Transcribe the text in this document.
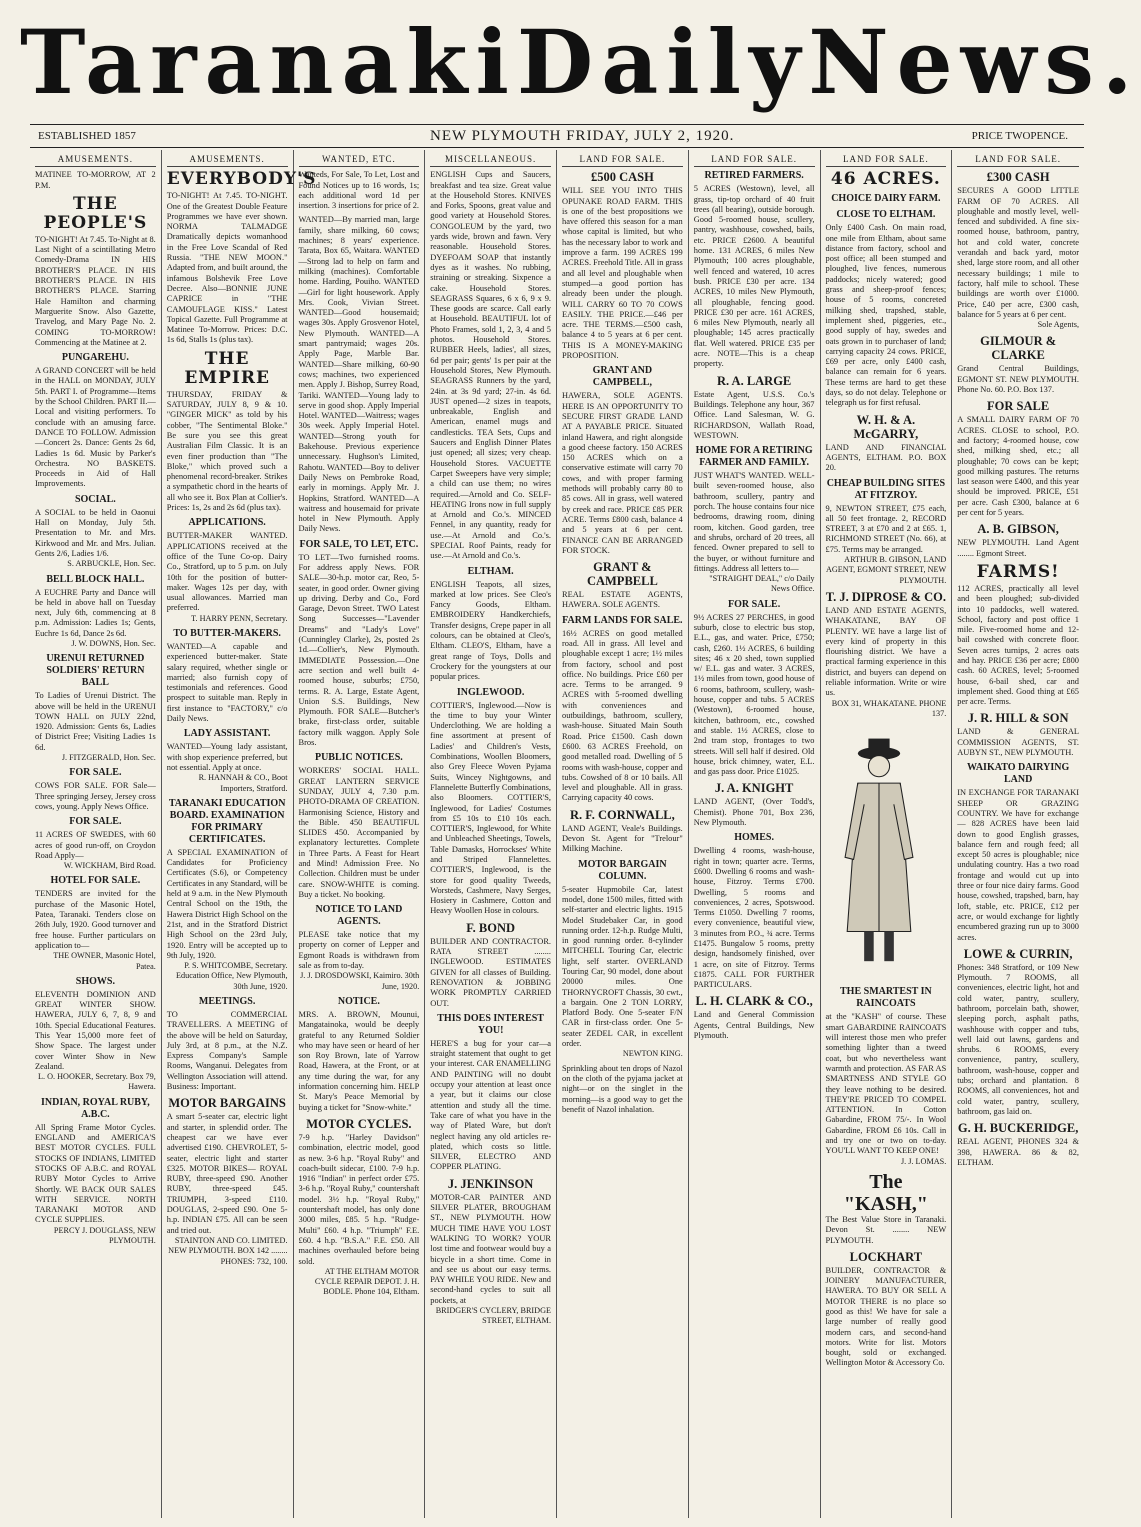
Taranaki Daily News.
ESTABLISHED 1857	NEW PLYMOUTH FRIDAY, JULY 2, 1920.	PRICE TWOPENCE.
AMUSEMENTS.
MATINEE TO-MORROW, AT 2 P.M.
THE PEOPLE'S
TO-NIGHT! At 7.45. To-Night at 8. Last Night of a scintillating Metro Comedy-Drama IN HIS BROTHER'S PLACE. IN HIS BROTHER'S PLACE. IN HIS BROTHER'S PLACE. Starring Hale Hamilton and charming Marguerite Snow. Also Gazette, Travelog, and Mary Page No. 2. COMING TO-MORROW! Commencing at the Matinee at 2.
PUNGAREHU.
A GRAND CONCERT will be held in the HALL on MONDAY, JULY 5th. PART I. of Programme—Items by the School Children. PART II.—Local and visiting performers. To conclude with an amusing farce. DANCE TO FOLLOW. Admission—Concert 2s. Dance: Gents 2s 6d, Ladies 1s 6d. Music by Parker's Orchestra. NO BASKETS. Proceeds in Aid of Hall Improvements.
SOCIAL.
A SOCIAL to be held in Oaonui Hall on Monday, July 5th. Presentation to Mr. and Mrs. Kirkwood and Mr. and Mrs. Julian. Gents 2/6, Ladies 1/6.
S. ARBUCKLE, Hon. Sec.
BELL BLOCK HALL.
A EUCHRE Party and Dance will be held in above hall on Tuesday next, July 6th, commencing at 8 p.m. Admission: Ladies 1s; Gents, Euchre 1s 6d, Dance 2s 6d.
J. W. DOWNS, Hon. Sec.
URENUI RETURNED SOLDIERS' RETURN BALL
To Ladies of Urenui District. The above will be held in the URENUI TOWN HALL on JULY 22nd, 1920. Admission: Gents 6s, Ladies of District Free; Visiting Ladies 1s 6d.
J. FITZGERALD, Hon. Sec.
FOR SALE.
COWS FOR SALE. FOR Sale—Three springing Jersey, Jersey cross cows, young. Apply News Office.
FOR SALE.
11 ACRES OF SWEDES, with 60 acres of good run-off, on Croydon Road Apply—
W. WICKHAM, Bird Road.
HOTEL FOR SALE.
TENDERS are invited for the purchase of the Masonic Hotel, Patea, Taranaki. Tenders close on 26th July, 1920. Good turnover and free house. Further particulars on application to—
THE OWNER, Masonic Hotel, Patea.
SHOWS.
ELEVENTH DOMINION AND GREAT WINTER SHOW. HAWERA, JULY 6, 7, 8, 9 and 10th. Special Educational Features. This Year 15,000 more feet of Show Space. The largest under cover Winter Show in New Zealand.
L. O. HOOKER, Secretary. Box 79, Hawera.
INDIAN, ROYAL RUBY, A.B.C.
All Spring Frame Motor Cycles. ENGLAND and AMERICA'S BEST MOTOR CYCLES. FULL STOCKS OF INDIANS, LIMITED STOCKS OF A.B.C. and ROYAL RUBY Motor Cycles to Arrive Shortly. WE BACK OUR SALES WITH SERVICE. NORTH TARANAKI MOTOR AND CYCLE SUPPLIES.
PERCY J. DOUGLASS, NEW PLYMOUTH.
AMUSEMENTS.
EVERYBODY'S
TO-NIGHT! At 7.45. TO-NIGHT. One of the Greatest Double Feature Programmes we have ever shown. NORMA TALMADGE Dramatically depicts womanhood in the Free Love Scandal of Red Russia. "THE NEW MOON." Adapted from, and built around, the infamous Bolshevik Free Love Decree. Also—BONNIE JUNE CAPRICE in "THE CAMOUFLAGE KISS." Latest Topical Gazette. Full Programme at Matinee To-Morrow. Prices: D.C. 1s 6d, Stalls 1s (plus tax).
THE EMPIRE
THURSDAY, FRIDAY & SATURDAY, JULY 8, 9 & 10. "GINGER MICK" as told by his cobber, "The Sentimental Bloke." Be sure you see this great Australian Film Classic. It is an even finer production than "The Bloke," which proved such a phenomenal record-breaker. Strikes a sympathetic chord in the hearts of all who see it. Box Plan at Collier's. Prices: 1s, 2s and 2s 6d (plus tax).
APPLICATIONS.
BUTTER-MAKER WANTED. APPLICATIONS received at the office of the Tune Co-op. Dairy Co., Stratford, up to 5 p.m. on July 10th for the position of butter-maker. Wages 12s per day, with usual allowances. Married man preferred.
T. HARRY PENN, Secretary.
TO BUTTER-MAKERS.
WANTED—A capable and experienced butter-maker. State salary required, whether single or married; also furnish copy of testimonials and references. Good prospect to suitable man. Reply in first instance to "FACTORY," c/o Daily News.
LADY ASSISTANT.
WANTED—Young lady assistant, with shop experience preferred, but not essential. Apply at once.
R. HANNAH & CO., Boot Importers, Stratford.
TARANAKI EDUCATION BOARD. EXAMINATION FOR PRIMARY CERTIFICATES.
A SPECIAL EXAMINATION of Candidates for Proficiency Certificates (S.6), or Competency Certificates in any Standard, will be held at 9 a.m. in the New Plymouth Central School on the 19th, the Hawera District High School on the 21st, and in the Stratford District High School on the 23rd July, 1920. Entry will be accepted up to 9th July, 1920.
P. S. WHITCOMBE, Secretary. Education Office, New Plymouth, 30th June, 1920.
MEETINGS.
TO COMMERCIAL TRAVELLERS. A MEETING of the above will be held on Saturday, July 3rd, at 8 p.m., at the N.Z. Express Company's Sample Rooms, Wanganui. Delegates from Wellington Association will attend. Business: Important.
MOTOR BARGAINS
A smart 5-seater car, electric light and starter, in splendid order. The cheapest car we have ever advertised £190. CHEVROLET, 5-seater, electric light and starter £325. MOTOR BIKES— ROYAL RUBY, three-speed £90. Another RUBY, three-speed £45. TRIUMPH, 3-speed £110. DOUGLAS, 2-speed £90. One 5-h.p. INDIAN £75. All can be seen and tried out.
STAINTON AND CO. LIMITED. NEW PLYMOUTH. BOX 142 ........ PHONES: 732, 100.
WANTED, ETC.
Wanteds, For Sale, To Let, Lost and Found Notices up to 16 words, 1s; each additional word 1d per insertion. 3 insertions for price of 2.
WANTED—By married man, large family, share milking, 60 cows; machines; 8 years' experience. Tarata, Box 65, Waitara. WANTED—Strong lad to help on farm and milking (machines). Comfortable home. Harding, Pouiho. WANTED—Girl for light housework. Apply Mrs. Cook, Vivian Street. WANTED—Good housemaid; wages 30s. Apply Grosvenor Hotel, New Plymouth. WANTED—A smart pantrymaid; wages 20s. Apply Page, Marble Bar. WANTED—Share milking, 60-90 cows; machines, two experienced men. Apply J. Bishop, Surrey Road, Tariki. WANTED—Young lady to serve in good shop. Apply Imperial Hotel. WANTED—Waitress; wages 30s week. Apply Imperial Hotel. WANTED—Strong youth for Bakehouse. Previous experience unnecessary. Hughson's Limited, Rahotu. WANTED—Boy to deliver Daily News on Pembroke Road, early in mornings. Apply Mr. J. Hopkins, Stratford. WANTED—A waitress and housemaid for private hotel in New Plymouth. Apply Daily News.
FOR SALE, TO LET, ETC.
TO LET—Two furnished rooms. For address apply News. FOR SALE—30-h.p. motor car, Reo, 5-seater, in good order. Owner giving up driving. Derby and Co., Ford Garage, Devon Street. TWO Latest Song Successes—"Lavender Dreams" and "Lady's Love" (Cunningley Clarke), 2s, posted 2s 1d.—Collier's, New Plymouth. IMMEDIATE Possession.—One acre section and well built 4-roomed house, suburbs; £750, terms. R. A. Large, Estate Agent, Union S.S. Buildings, New Plymouth. FOR SALE—Butcher's brake, first-class order, suitable factory milk waggon. Apply Sole Bros.
PUBLIC NOTICES.
WORKERS' SOCIAL HALL. GREAT LANTERN SERVICE SUNDAY, JULY 4, 7.30 p.m. PHOTO-DRAMA OF CREATION. Harmonising Science, History and the Bible. 450 BEAUTIFUL SLIDES 450. Accompanied by explanatory lecturettes. Complete in Three Parts. A Feast for Heart and Mind! Admission Free. No Collection. Children must be under care. SNOW-WHITE is coming. Buy a ticket. No booking.
NOTICE TO LAND AGENTS.
PLEASE take notice that my property on corner of Lepper and Egmont Roads is withdrawn from sale as from to-day.
J. J. DROSDOWSKI, Kaimiro. 30th June, 1920.
NOTICE.
MRS. A. BROWN, Mounui, Mangatainoka, would be deeply grateful to any Returned Soldier who may have seen or heard of her son Roy Brown, late of Yarrow Road, Hawera, at the Front, or at any time during the war, for any information concerning him. HELP St. Mary's Peace Memorial by buying a ticket for "Snow-white."
MOTOR CYCLES.
7-9 h.p. "Harley Davidson" combination, electric model, good as new. 3-6 h.p. "Royal Ruby" and coach-built sidecar, £100. 7-9 h.p. 1916 "Indian" in perfect order £75. 3-6 h.p. "Royal Ruby," countershaft model. 3½ h.p. "Royal Ruby," countershaft model, has only done 3000 miles, £85. 5 h.p. "Rudge-Multi" £60. 4 h.p. "Triumph" F.E. £60. 4 h.p. "B.S.A." F.E. £50. All machines overhauled before being sold.
AT THE ELTHAM MOTOR CYCLE REPAIR DEPOT. J. H. BODLE. Phone 104, Eltham.
MISCELLANEOUS.
ENGLISH Cups and Saucers, breakfast and tea size. Great value at the Household Stores. KNIVES and Forks, Spoons, great value and good variety at Household Stores. CONGOLEUM by the yard, two yards wide, brown and fawn. Very reasonable. Household Stores. DYEFOAM SOAP that instantly dyes as it washes. No rubbing, straining or streaking. Sixpence a cake. Household Stores. SEAGRASS Squares, 6 x 6, 9 x 9. These goods are scarce. Call early at Household. BEAUTIFUL lot of Photo Frames, sold 1, 2, 3, 4 and 5 photos. Household Stores. RUBBER Heels, ladies', all sizes, 6d per pair; gents' 1s per pair at the Household Stores, New Plymouth. SEAGRASS Runners by the yard, 24in. at 3s 9d yard; 27-in. 4s 6d. JUST opened—2 sizes in teapots, unbreakable, English and American, enamel mugs and candlesticks. TEA Sets, Cups and Saucers and English Dinner Plates just opened; all sizes; very cheap. Household Stores. VACUETTE Carpet Sweepers have very simple; a child can use them; no wires required.—Arnold and Co. SELF-HEATING Irons now in full supply at Arnold and Co.'s. MINCED Fennel, in any quantity, ready for use.—At Arnold and Co.'s. SPECIAL Roof Paints, ready for use.—At Arnold and Co.'s.
ELTHAM.
ENGLISH Teapots, all sizes, marked at low prices. See Cleo's Fancy Goods, Eltham. EMBROIDERY Handkerchiefs, Transfer designs, Crepe paper in all colours, can be obtained at Cleo's, Eltham. CLEO'S, Eltham, have a great range of Toys, Dolls and Crockery for the youngsters at our popular prices.
INGLEWOOD.
COTTIER'S, Inglewood.—Now is the time to buy your Winter Underclothing. We are holding a fine assortment at present of Ladies' and Children's Vests, Combinations, Woollen Bloomers, also Grey Fleece Woven Pyjama Suits, Wincey Nightgowns, and Flannelette Butterfly Combinations, also Bloomers. COTTIER'S, Inglewood, for Ladies' Costumes from £5 10s to £10 10s each. COTTIER'S, Inglewood, for White and Unbleached Sheetings, Towels, Table Damasks, Horrockses' White and Striped Flannelettes. COTTIER'S, Inglewood, is the store for good quality Tweeds, Worsteds, Cashmere, Navy Serges, Hosiery in Cashmere, Cotton and Heavy Woollen Hose in colours.
F. BOND
BUILDER AND CONTRACTOR. RATA STREET ........ INGLEWOOD. ESTIMATES GIVEN for all classes of Building. RENOVATION & JOBBING WORK PROMPTLY CARRIED OUT.
THIS DOES INTEREST YOU!
HERE'S a bug for your car—a straight statement that ought to get your interest. CAR ENAMELLING AND PAINTING will no doubt occupy your attention at least once a year, but it claims our close attention and study all the time. Take care of what you have in the way of Plated Ware, but don't neglect having any old articles re-plated, which costs so little. SILVER, ELECTRO AND COPPER PLATING.
J. JENKINSON
MOTOR-CAR PAINTER AND SILVER PLATER, BROUGHAM ST., NEW PLYMOUTH. HOW MUCH TIME HAVE YOU LOST WALKING TO WORK? YOUR lost time and footwear would buy a bicycle in a short time. Come in and see us about our easy terms. PAY WHILE YOU RIDE. New and second-hand cycles to suit all pockets, at
BRIDGER'S CYCLERY, BRIDGE STREET, ELTHAM.
LAND FOR SALE.
£500 CASH
WILL SEE YOU INTO THIS OPUNAKE ROAD FARM. THIS is one of the best propositions we have offered this season for a man whose capital is limited, but who has the necessary labor to work and improve a farm. 199 ACRES 199 ACRES. Freehold Title. All in grass and all level and ploughable when stumped—a good portion has already been under the plough. WILL CARRY 60 TO 70 COWS EASILY. THE PRICE.—£46 per acre. THE TERMS.—£500 cash, balance 4 to 5 years at 6 per cent. THIS IS A MONEY-MAKING PROPOSITION.
GRANT AND CAMPBELL,
HAWERA, SOLE AGENTS. HERE IS AN OPPORTUNITY TO SECURE FIRST GRADE LAND AT A PAYABLE PRICE. Situated inland Hawera, and right alongside a good cheese factory. 150 ACRES 150 ACRES which on a conservative estimate will carry 70 cows, and with proper farming methods will probably carry 80 to 85 cows. All in grass, well watered by creek and race. PRICE £85 PER ACRE. Terms £800 cash, balance 4 and 5 years at 6 per cent. FINANCE CAN BE ARRANGED FOR STOCK.
GRANT & CAMPBELL
REAL ESTATE AGENTS, HAWERA. SOLE AGENTS.
FARM LANDS FOR SALE.
16½ ACRES on good metalled road. All in grass. All level and ploughable except 1 acre; 1½ miles from factory, school and post office. No buildings. Price £60 per acre. Terms to be arranged. 9 ACRES with 5-roomed dwelling with conveniences and outbuildings, bathroom, scullery, wash-house. Situated Main South Road. Price £1500. Cash down £600. 63 ACRES Freehold, on good metalled road. Dwelling of 5 rooms with wash-house, copper and tubs. Cowshed of 8 or 10 bails. All level and ploughable. All in grass. Carrying capacity 40 cows.
R. F. CORNWALL,
LAND AGENT, Veale's Buildings. Devon St. Agent for "Trelour" Milking Machine.
MOTOR BARGAIN COLUMN.
5-seater Hupmobile Car, latest model, done 1500 miles, fitted with self-starter and electric lights. 1915 Model Studebaker Car, in good running order. 12-h.p. Rudge Multi, in good running order. 8-cylinder MITCHELL Touring Car, electric light, self starter. OVERLAND Touring Car, 90 model, done about 20000 miles. One THORNYCROFT Chassis, 30 cwt., a bargain. One 2 TON LORRY, Platford Body. One 5-seater F/N CAR in first-class order. One 5-seater ZEDEL CAR, in excellent order.
NEWTON KING.
Sprinkling about ten drops of Nazol on the cloth of the pyjama jacket at night—or on the singlet in the morning—is a good way to get the benefit of Nazol inhalation.
LAND FOR SALE.
RETIRED FARMERS.
5 ACRES (Westown), level, all grass, tip-top orchard of 40 fruit trees (all bearing), outside borough. Good 5-roomed house, scullery, pantry, washhouse, cowshed, bails, etc. PRICE £2600. A beautiful home. 131 ACRES, 6 miles New Plymouth; 100 acres ploughable, well fenced and watered, 10 acres bush. PRICE £30 per acre. 134 ACRES, 10 miles New Plymouth, all ploughable, fencing good. PRICE £30 per acre. 161 ACRES, 6 miles New Plymouth, nearly all ploughable; 145 acres practically flat. Well watered. PRICE £35 per acre. NOTE—This is a cheap property.
R. A. LARGE
Estate Agent, U.S.S. Co.'s Buildings. Telephone any hour, 367 Office. Land Salesman, W. G. RICHARDSON, Wallath Road, WESTOWN.
HOME FOR A RETIRING FARMER AND FAMILY.
JUST WHAT'S WANTED. WELL-built seven-roomed house, also bathroom, scullery, pantry and porch. The house contains four nice bedrooms, drawing room, dining room, kitchen. Good garden, tree and shrubs, orchard of 20 trees, all fenced. Owner prepared to sell to the buyer, or without furniture and fittings. Address all letters to—
"STRAIGHT DEAL," c/o Daily News Office.
FOR SALE.
9½ ACRES 27 PERCHES, in good suburb, close to electric bus stop, E.L., gas, and water. Price, £750; cash, £260. 1½ ACRES, 6 building sites; 46 x 20 shed, town supplied w/ E.L. gas and water. 3 ACRES, 1½ miles from town, good house of 6 rooms, bathroom, scullery, wash-house, copper and tubs. 5 ACRES (Westown), 6-roomed house, kitchen, bathroom, etc., cowshed and stable. 1½ ACRES, close to 2nd tram stop, frontages to two streets. Will sell half if desired. Old house, brick chimney, water, E.L. and gas pass door. Price £1025.
J. A. KNIGHT
LAND AGENT, (Over Todd's, Chemist). Phone 701, Box 236, New Plymouth.
HOMES.
Dwelling 4 rooms, wash-house, right in town; quarter acre. Terms, £600. Dwelling 6 rooms and wash-house, Fitzroy. Terms £700. Dwelling, 5 rooms and conveniences, 2 acres, Spotswood. Terms £1050. Dwelling 7 rooms, every convenience, beautiful view, 3 minutes from P.O., ¾ acre. Terms £1475. Bungalow 5 rooms, pretty design, handsomely finished, over 1 acre, on site of Fitzroy. Terms £1875. CALL FOR FURTHER PARTICULARS.
L. H. CLARK & CO.,
Land and General Commission Agents, Central Buildings, New Plymouth.
LAND FOR SALE.
46 ACRES.
CHOICE DAIRY FARM.
CLOSE TO ELTHAM.
Only £400 Cash. On main road, one mile from Eltham, about same distance from factory, school and post office; all been stumped and ploughed, live fences, numerous paddocks; nicely watered; good grass and sheep-proof fences; house of 5 rooms, concreted milking shed, trapshed, stable, implement shed, piggeries, etc., good supply of hay, swedes and oats grown in to purchaser of land; carrying capacity 24 cows. PRICE, £69 per acre, only £400 cash, balance can remain for 6 years. These terms are hard to get these days, so do not delay. Telephone or telegraph us for first refusal.
W. H. & A. McGARRY,
LAND AND FINANCIAL AGENTS, ELTHAM. P.O. BOX 20.
CHEAP BUILDING SITES AT FITZROY.
9, NEWTON STREET, £75 each, all 50 feet frontage. 2, RECORD STREET, 3 at £70 and 2 at £65. 1, RICHMOND STREET (No. 66), at £75. Terms may be arranged.
ARTHUR B. GIBSON, LAND AGENT, EGMONT STREET, NEW PLYMOUTH.
T. J. DIPROSE & CO.
LAND AND ESTATE AGENTS, WHAKATANE, BAY OF PLENTY. WE have a large list of every kind of property in this flourishing district. We have a practical farming experience in this district, and buyers can depend on reliable information. Write or wire us.
BOX 31, WHAKATANE. PHONE 137.
THE SMARTEST IN RAINCOATS
at the "KASH" of course. These smart GABARDINE RAINCOATS will interest those men who prefer something lighter than a tweed coat, but who nevertheless want warmth and protection. AS FAR AS SMARTNESS AND STYLE GO they leave nothing to be desired. THEY'RE PRICED TO COMPEL ATTENTION. In Cotton Gabardine, FROM 75/-. In Wool Gabardine, FROM £6 10s. Call in and try one or two on to-day. YOU'LL WANT TO KEEP ONE!
J. J. LOMAS.
The "KASH,"
The Best Value Store in Taranaki. Devon St. ........ NEW PLYMOUTH.
LOCKHART
BUILDER, CONTRACTOR & JOINERY MANUFACTURER, HAWERA. TO BUY OR SELL A MOTOR THERE is no place so good as this! We have for sale a large number of really good modern cars, and second-hand motors. Write for list. Motors bought, sold or exchanged. Wellington Motor & Accessory Co.
LAND FOR SALE.
£300 CASH
SECURES A GOOD LITTLE FARM OF 70 ACRES. All ploughable and mostly level, well-fenced and subdivided. A fine six-roomed house, bathroom, pantry, hot and cold water, concrete verandah and back yard, motor shed, large store room, and all other necessary buildings; 1 mile to factory, half mile to school. These buildings are worth over £1000. Price, £40 per acre, £300 cash, balance for 5 years at 6 per cent.
Sole Agents,
GILMOUR & CLARKE
Grand Central Buildings, EGMONT ST. NEW PLYMOUTH. Phone No. 60. P.O. Box 137.
FOR SALE
A SMALL DAIRY FARM OF 70 ACRES. CLOSE to school, P.O. and factory; 4-roomed house, cow shed, milking shed, etc.; all ploughable; 70 cows can be kept; good milking pastures. The returns last season were £400, and this year should be improved. PRICE, £51 per acre. Cash £300, balance at 6 per cent for 5 years.
A. B. GIBSON,
NEW PLYMOUTH. Land Agent ........ Egmont Street.
FARMS!
112 ACRES, practically all level and been ploughed; sub-divided into 10 paddocks, well watered. School, factory and post office 1 mile. Five-roomed home and 12-bail cowshed with concrete floor. Seven acres turnips, 2 acres oats and hay. PRICE £36 per acre; £800 cash. 60 ACRES, level; 5-roomed house, 6-bail shed, car and implement shed. Good thing at £65 per acre. Terms.
J. R. HILL & SON
LAND & GENERAL COMMISSION AGENTS, ST. AUBYN ST., NEW PLYMOUTH.
WAIKATO DAIRYING LAND
IN EXCHANGE FOR TARANAKI SHEEP OR GRAZING COUNTRY. We have for exchange— 828 ACRES have been laid down to good English grasses, balance fern and rough feed; all except 50 acres is ploughable; nice undulating country. Has a two road frontage and would cut up into three or four nice dairy farms. Good house, cowshed, trapshed, barn, hay loft, stable, etc. PRICE, £12 per acre, or would exchange for lightly encumbered grazing run up to 3000 acres.
LOWE & CURRIN,
Phones: 348 Stratford, or 109 New Plymouth. 7 ROOMS, all conveniences, electric light, hot and cold water, pantry, scullery, bathroom, porcelain bath, shower, sleeping porch, asphalt paths, washhouse with copper and tubs, well laid out lawns, gardens and shrubs. 6 ROOMS, every convenience, pantry, scullery, bathroom, wash-house, copper and tubs; orchard and plantation. 8 ROOMS, all conveniences, hot and cold water, pantry, scullery, bathroom, gas laid on.
G. H. BUCKERIDGE,
REAL AGENT, PHONES 324 & 398, HAWERA. 86 & 82, ELTHAM.
